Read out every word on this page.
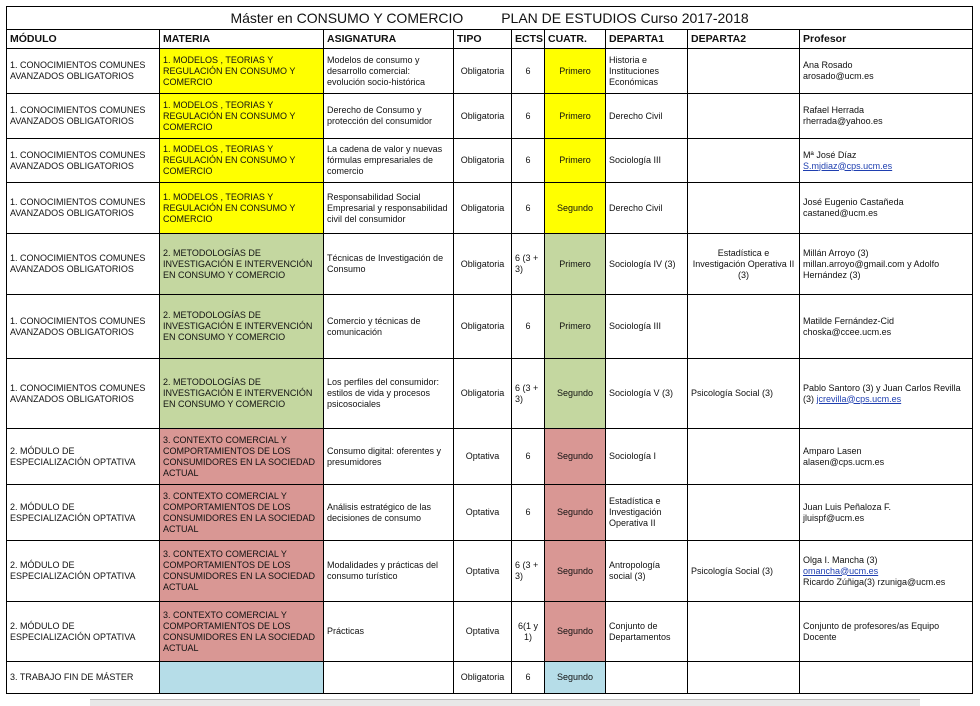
Máster en CONSUMO Y COMERCIO PLAN DE ESTUDIOS Curso 2017-2018								
MÓDULO	MATERIA	ASIGNATURA	TIPO	ECTS	CUATR.	DEPARTA1	DEPARTA2	Profesor
1. CONOCIMIENTOS COMUNES AVANZADOS OBLIGATORIOS	1. MODELOS , TEORIAS Y REGULACIÓN EN CONSUMO Y COMERCIO	Modelos de consumo y desarrollo comercial: evolución socio-histórica	Obligatoria	6	Primero	Historia e Instituciones Económicas		Ana Rosado
arosado@ucm.es

1. CONOCIMIENTOS COMUNES AVANZADOS OBLIGATORIOS	1. MODELOS , TEORIAS Y REGULACIÓN EN CONSUMO Y COMERCIO	Derecho de Consumo y protección del consumidor	Obligatoria	6	Primero	Derecho Civil		Rafael Herrada
rherrada@yahoo.es

1. CONOCIMIENTOS COMUNES AVANZADOS OBLIGATORIOS	1. MODELOS , TEORIAS Y REGULACIÓN EN CONSUMO Y COMERCIO	La cadena de valor y nuevas fórmulas empresariales de comercio	Obligatoria	6	Primero	Sociología III		Mª José Díaz
S.mjdiaz@cps.ucm.es

1. CONOCIMIENTOS COMUNES AVANZADOS OBLIGATORIOS	1. MODELOS , TEORIAS Y REGULACIÓN EN CONSUMO Y COMERCIO	Responsabilidad Social Empresarial y responsabilidad civil del consumidor	Obligatoria	6	Segundo	Derecho Civil		José Eugenio Castañeda
castaned@ucm.es

1. CONOCIMIENTOS COMUNES AVANZADOS OBLIGATORIOS	2. METODOLOGÍAS DE INVESTIGACIÓN E INTERVENCIÓN EN CONSUMO Y COMERCIO	Técnicas de Investigación de Consumo	Obligatoria	6 (3 + 3)	Primero	Sociología IV (3)	Estadística e Investigación Operativa II (3)	Millán Arroyo (3) millan.arroyo@gmail.com y Adolfo Hernández (3)
1. CONOCIMIENTOS COMUNES AVANZADOS OBLIGATORIOS	2. METODOLOGÍAS DE INVESTIGACIÓN E INTERVENCIÓN EN CONSUMO Y COMERCIO	Comercio y técnicas de comunicación	Obligatoria	6	Primero	Sociología III		Matilde Fernández-Cid
choska@ccee.ucm.es

1. CONOCIMIENTOS COMUNES AVANZADOS OBLIGATORIOS	2. METODOLOGÍAS DE INVESTIGACIÓN E INTERVENCIÓN EN CONSUMO Y COMERCIO	Los perfiles del consumidor: estilos de vida y procesos psicosociales	Obligatoria	6 (3 + 3)	Segundo	Sociología V (3)	Psicología Social (3)	Pablo Santoro (3) y Juan Carlos Revilla (3) jcrevilla@cps.ucm.es
2. MÓDULO DE ESPECIALIZACIÓN OPTATIVA	3. CONTEXTO COMERCIAL Y COMPORTAMIENTOS DE LOS CONSUMIDORES EN LA SOCIEDAD ACTUAL	Consumo digital: oferentes y presumidores	Optativa	6	Segundo	Sociología I		Amparo Lasen
alasen@cps.ucm.es

2. MÓDULO DE ESPECIALIZACIÓN OPTATIVA	3. CONTEXTO COMERCIAL Y COMPORTAMIENTOS DE LOS CONSUMIDORES EN LA SOCIEDAD ACTUAL	Análisis estratégico de las decisiones de consumo	Optativa	6	Segundo	Estadística e Investigación Operativa II		Juan Luis Peñaloza F.
jluispf@ucm.es

2. MÓDULO DE ESPECIALIZACIÓN OPTATIVA	3. CONTEXTO COMERCIAL Y COMPORTAMIENTOS DE LOS CONSUMIDORES EN LA SOCIEDAD ACTUAL	Modalidades y prácticas del consumo turístico	Optativa	6 (3 + 3)	Segundo	Antropología social (3)	Psicología Social (3)	Olga I. Mancha (3)
omancha@ucm.es
Ricardo Zúñiga(3) rzuniga@ucm.es

2. MÓDULO DE ESPECIALIZACIÓN OPTATIVA	3. CONTEXTO COMERCIAL Y COMPORTAMIENTOS DE LOS CONSUMIDORES EN LA SOCIEDAD ACTUAL	Prácticas	Optativa	6(1 y 1)	Segundo	Conjunto de Departamentos		Conjunto de profesores/as Equipo Docente
3. TRABAJO FIN DE MÁSTER			Obligatoria	6	Segundo			
